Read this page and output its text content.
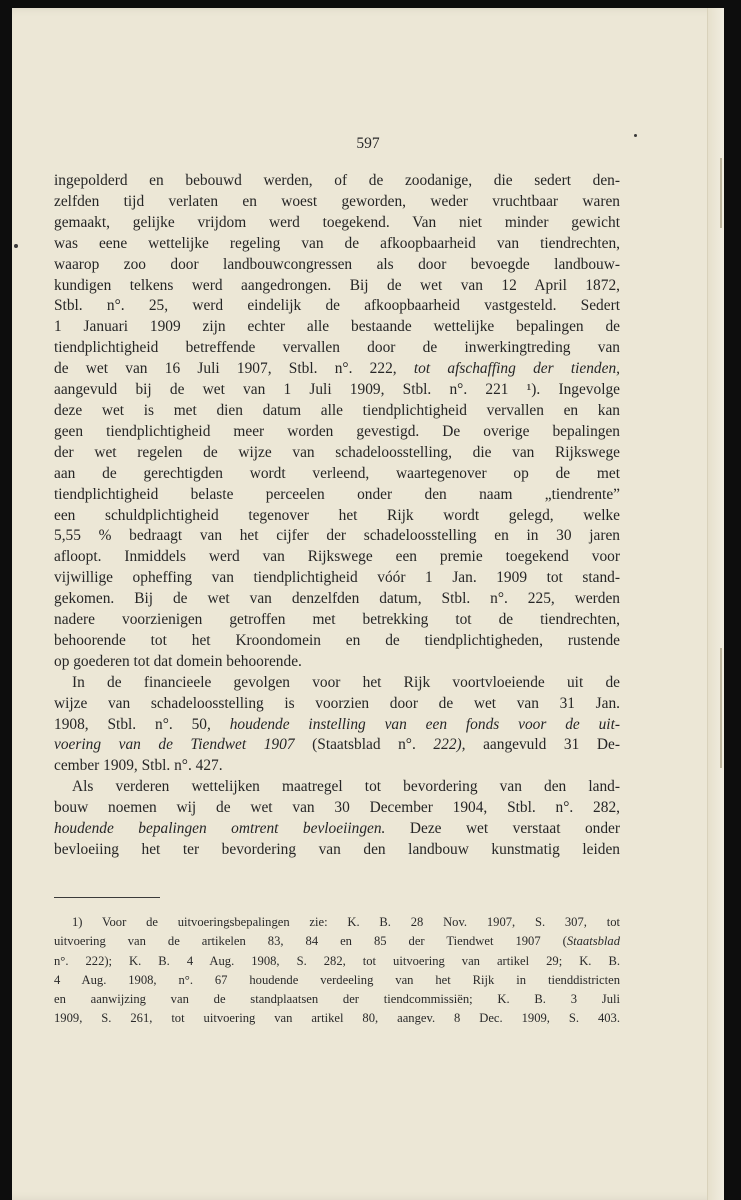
597
ingepolderd en bebouwd werden, of de zoodanige, die sedert den-
zelfden tijd verlaten en woest geworden, weder vruchtbaar waren
gemaakt, gelijke vrijdom werd toegekend. Van niet minder gewicht
was eene wettelijke regeling van de afkoopbaarheid van tiendrechten,
waarop zoo door landbouwcongressen als door bevoegde landbouw-
kundigen telkens werd aangedrongen. Bij de wet van 12 April 1872,
Stbl. n°. 25, werd eindelijk de afkoopbaarheid vastgesteld. Sedert
1 Januari 1909 zijn echter alle bestaande wettelijke bepalingen de
tiendplichtigheid betreffende vervallen door de inwerkingtreding van
de wet van 16 Juli 1907, Stbl. n°. 222, tot afschaffing der tienden,
aangevuld bij de wet van 1 Juli 1909, Stbl. n°. 221 ¹). Ingevolge
deze wet is met dien datum alle tiendplichtigheid vervallen en kan
geen tiendplichtigheid meer worden gevestigd. De overige bepalingen
der wet regelen de wijze van schadeloosstelling, die van Rijkswege
aan de gerechtigden wordt verleend, waartegenover op de met
tiendplichtigheid belaste perceelen onder den naam „tiendrente”
een schuldplichtigheid tegenover het Rijk wordt gelegd, welke
5,55 % bedraagt van het cijfer der schadeloosstelling en in 30 jaren
afloopt. Inmiddels werd van Rijkswege een premie toegekend voor
vijwillige opheffing van tiendplichtigheid vóór 1 Jan. 1909 tot stand-
gekomen. Bij de wet van denzelfden datum, Stbl. n°. 225, werden
nadere voorzienigen getroffen met betrekking tot de tiendrechten,
behoorende tot het Kroondomein en de tiendplichtigheden, rustende
op goederen tot dat domein behoorende.
In de financieele gevolgen voor het Rijk voortvloeiende uit de
wijze van schadeloosstelling is voorzien door de wet van 31 Jan.
1908, Stbl. n°. 50, houdende instelling van een fonds voor de uit-
voering van de Tiendwet 1907 (Staatsblad n°. 222), aangevuld 31 De-
cember 1909, Stbl. n°. 427.
Als verderen wettelijken maatregel tot bevordering van den land-
bouw noemen wij de wet van 30 December 1904, Stbl. n°. 282,
houdende bepalingen omtrent bevloeiingen. Deze wet verstaat onder
bevloeiing het ter bevordering van den landbouw kunstmatig leiden
1) Voor de uitvoeringsbepalingen zie: K. B. 28 Nov. 1907, S. 307, tot
uitvoering van de artikelen 83, 84 en 85 der Tiendwet 1907 (Staatsblad
n°. 222); K. B. 4 Aug. 1908, S. 282, tot uitvoering van artikel 29; K. B.
4 Aug. 1908, n°. 67 houdende verdeeling van het Rijk in tienddistricten
en aanwijzing van de standplaatsen der tiendcommissiën; K. B. 3 Juli
1909, S. 261, tot uitvoering van artikel 80, aangev. 8 Dec. 1909, S. 403.
